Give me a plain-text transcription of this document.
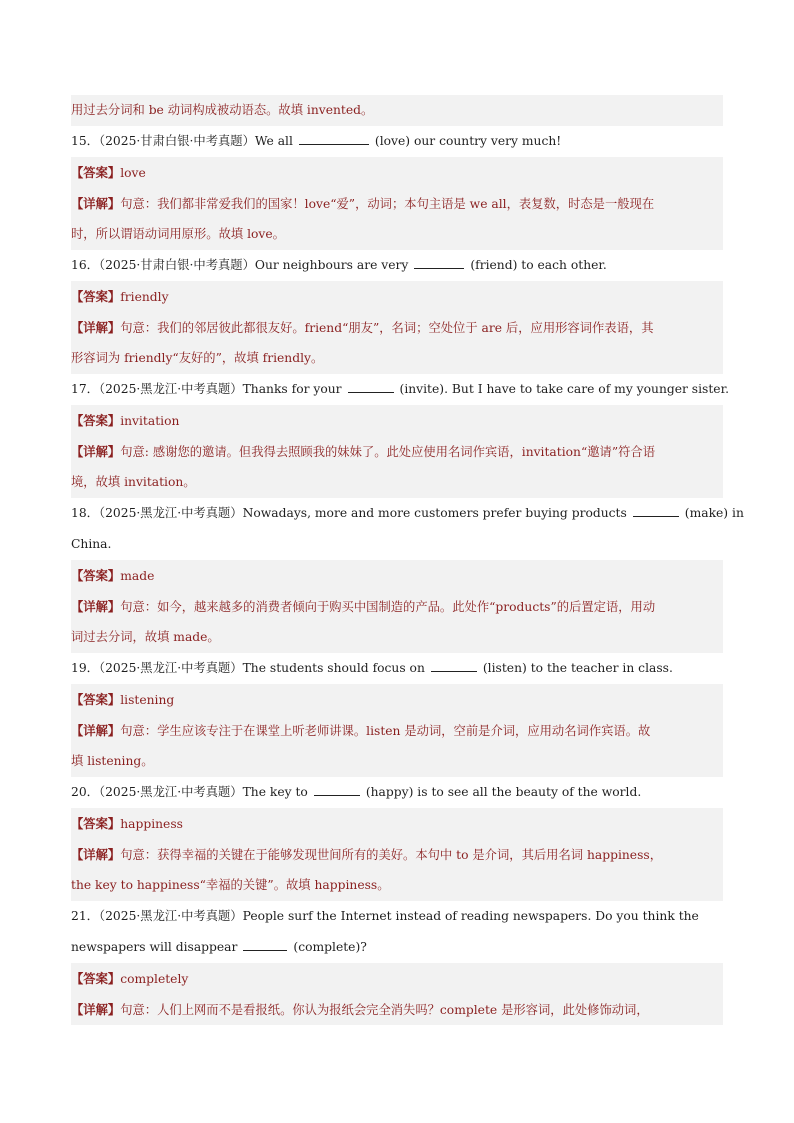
用过去分词和 be 动词构成被动语态。故填 invented。
15．（2025·甘肃白银·中考真题）We all	(love) our country very much!
【答案】love
【详解】句意：我们都非常爱我们的国家！love“爱”，动词；本句主语是 we all，表复数，时态是一般现在
时，所以谓语动词用原形。故填 love。
16．（2025·甘肃白银·中考真题）Our neighbours are very	(friend) to each other.
【答案】friendly
【详解】句意：我们的邻居彼此都很友好。friend“朋友”，名词；空处位于 are 后，应用形容词作表语，其
形容词为 friendly“友好的”，故填 friendly。
17．（2025·黑龙江·中考真题）Thanks for your	(invite). But I have to take care of my younger sister.
【答案】invitation
【详解】句意: 感谢您的邀请。但我得去照顾我的妹妹了。此处应使用名词作宾语，invitation“邀请”符合语
境，故填 invitation。
18．（2025·黑龙江·中考真题）Nowadays, more and more customers prefer buying products	(make) in
China.
【答案】made
【详解】句意：如今，越来越多的消费者倾向于购买中国制造的产品。此处作“products”的后置定语，用动
词过去分词，故填 made。
19．（2025·黑龙江·中考真题）The students should focus on	(listen) to the teacher in class.
【答案】listening
【详解】句意：学生应该专注于在课堂上听老师讲课。listen 是动词，空前是介词，应用动名词作宾语。故
填 listening。
20．（2025·黑龙江·中考真题）The key to	(happy) is to see all the beauty of the world.
【答案】happiness
【详解】句意：获得幸福的关键在于能够发现世间所有的美好。本句中 to 是介词，其后用名词 happiness，
the key to happiness“幸福的关键”。故填 happiness。
21．（2025·黑龙江·中考真题）People surf the Internet instead of reading newspapers. Do you think the
newspapers will disappear	(complete)?
【答案】completely
【详解】句意：人们上网而不是看报纸。你认为报纸会完全消失吗？complete 是形容词，此处修饰动词，
